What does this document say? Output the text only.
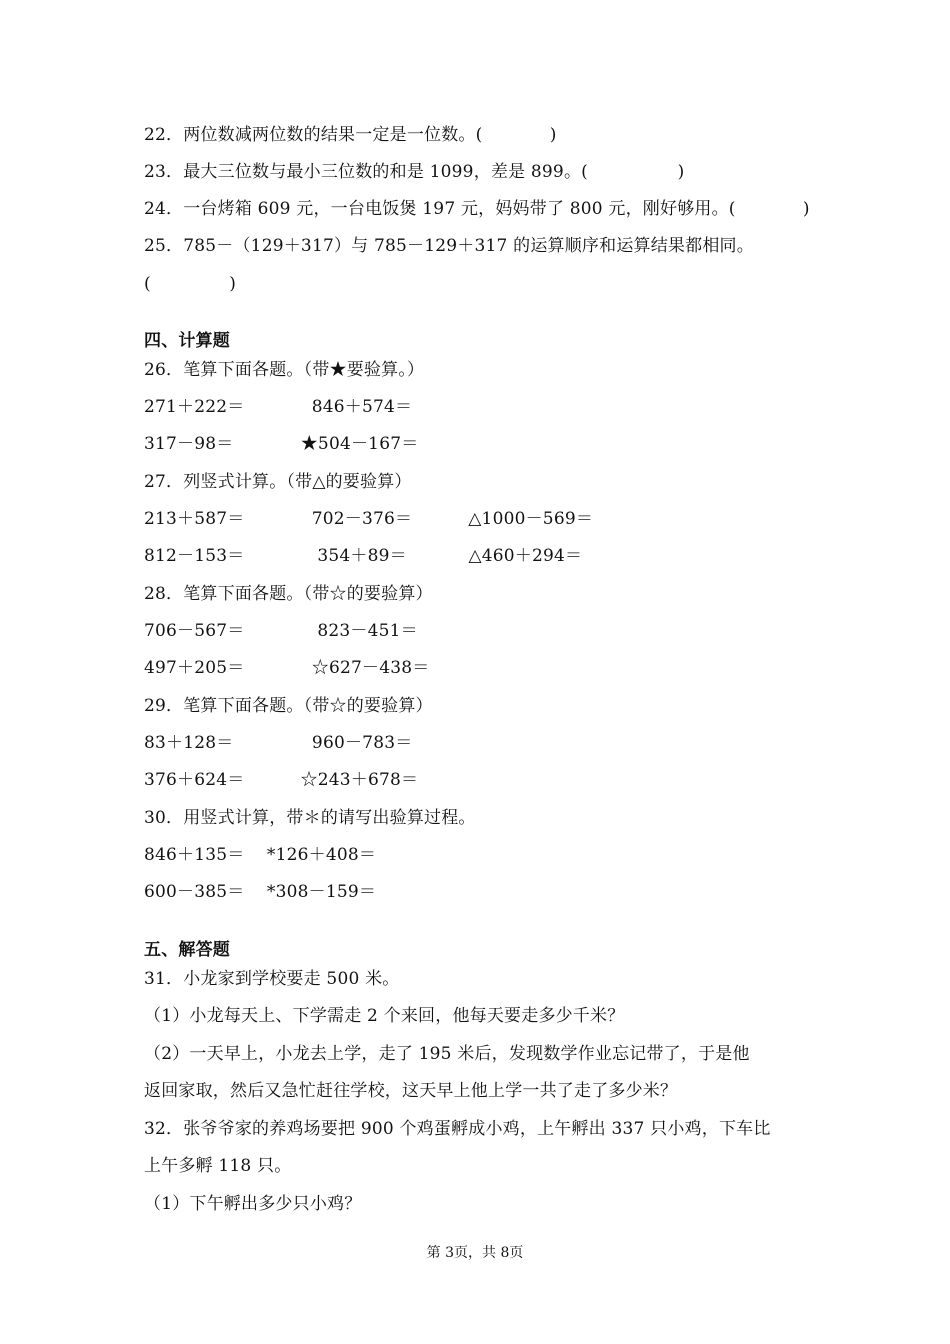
22．两位数减两位数的结果一定是一位数。(            )
23．最大三位数与最小三位数的和是 1099，差是 899。(                )
24．一台烤箱 609 元，一台电饭煲 197 元，妈妈带了 800 元，刚好够用。(            )
25．785－（129＋317）与 785－129＋317 的运算顺序和运算结果都相同。
(              )
四、计算题
26．笔算下面各题。（带★要验算。）
271＋222＝            846＋574＝
317－98＝            ★504－167＝
27．列竖式计算。（带△的要验算）
213＋587＝            702－376＝          △1000－569＝
812－153＝             354＋89＝           △460＋294＝
28．笔算下面各题。（带☆的要验算）
706－567＝             823－451＝
497＋205＝            ☆627－438＝
29．笔算下面各题。（带☆的要验算）
83＋128＝              960－783＝
376＋624＝          ☆243＋678＝
30．用竖式计算，带＊的请写出验算过程。
846＋135＝    *126＋408＝
600－385＝    *308－159＝
五、解答题
31．小龙家到学校要走 500 米。
（1）小龙每天上、下学需走 2 个来回，他每天要走多少千米？
（2）一天早上，小龙去上学，走了 195 米后，发现数学作业忘记带了，于是他
返回家取，然后又急忙赶往学校，这天早上他上学一共了走了多少米？
32．张爷爷家的养鸡场要把 900 个鸡蛋孵成小鸡，上午孵出 337 只小鸡，下车比
上午多孵 118 只。
（1）下午孵出多少只小鸡？
第 3页，共 8页
